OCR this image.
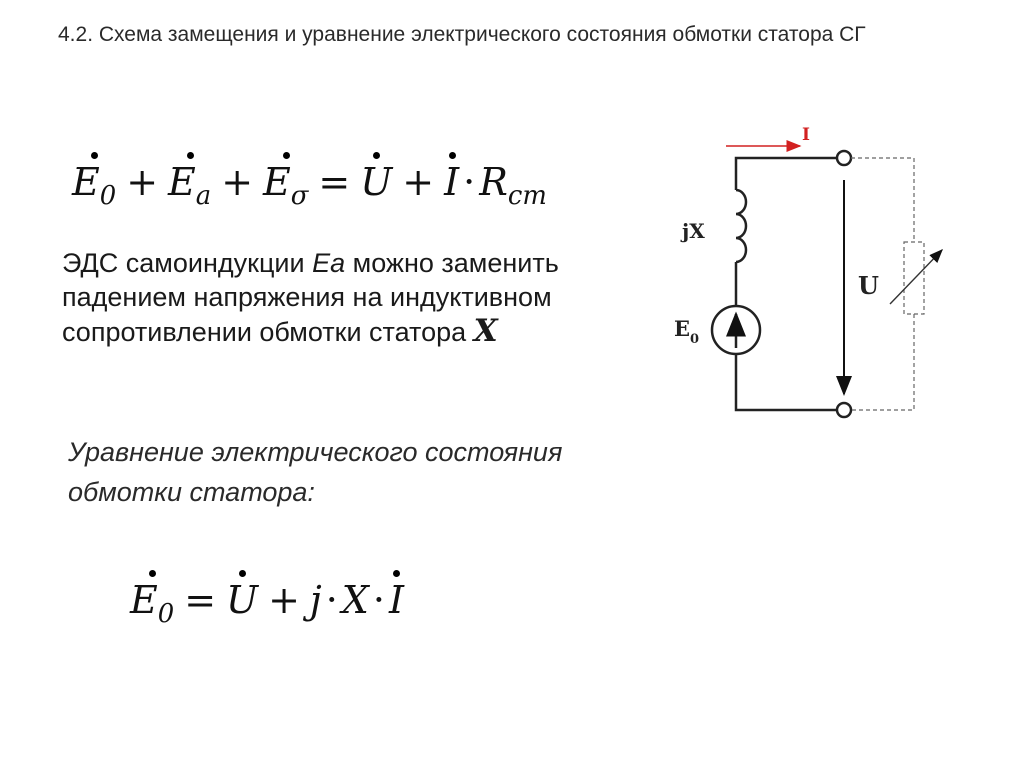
4.2. Схема замещения и уравнение электрического состояния обмотки статора СГ
$E_0 + E_a + E_\sigma = U + I \cdot R_{cm}$
ЭДС самоиндукции Ea можно заменить падением напряжения на индуктивном сопротивлении обмотки статора X
Уравнение электрического состояния обмотки статора:
$E_0 = U + j \cdot X \cdot I$
I
jX
$E_0$
U
